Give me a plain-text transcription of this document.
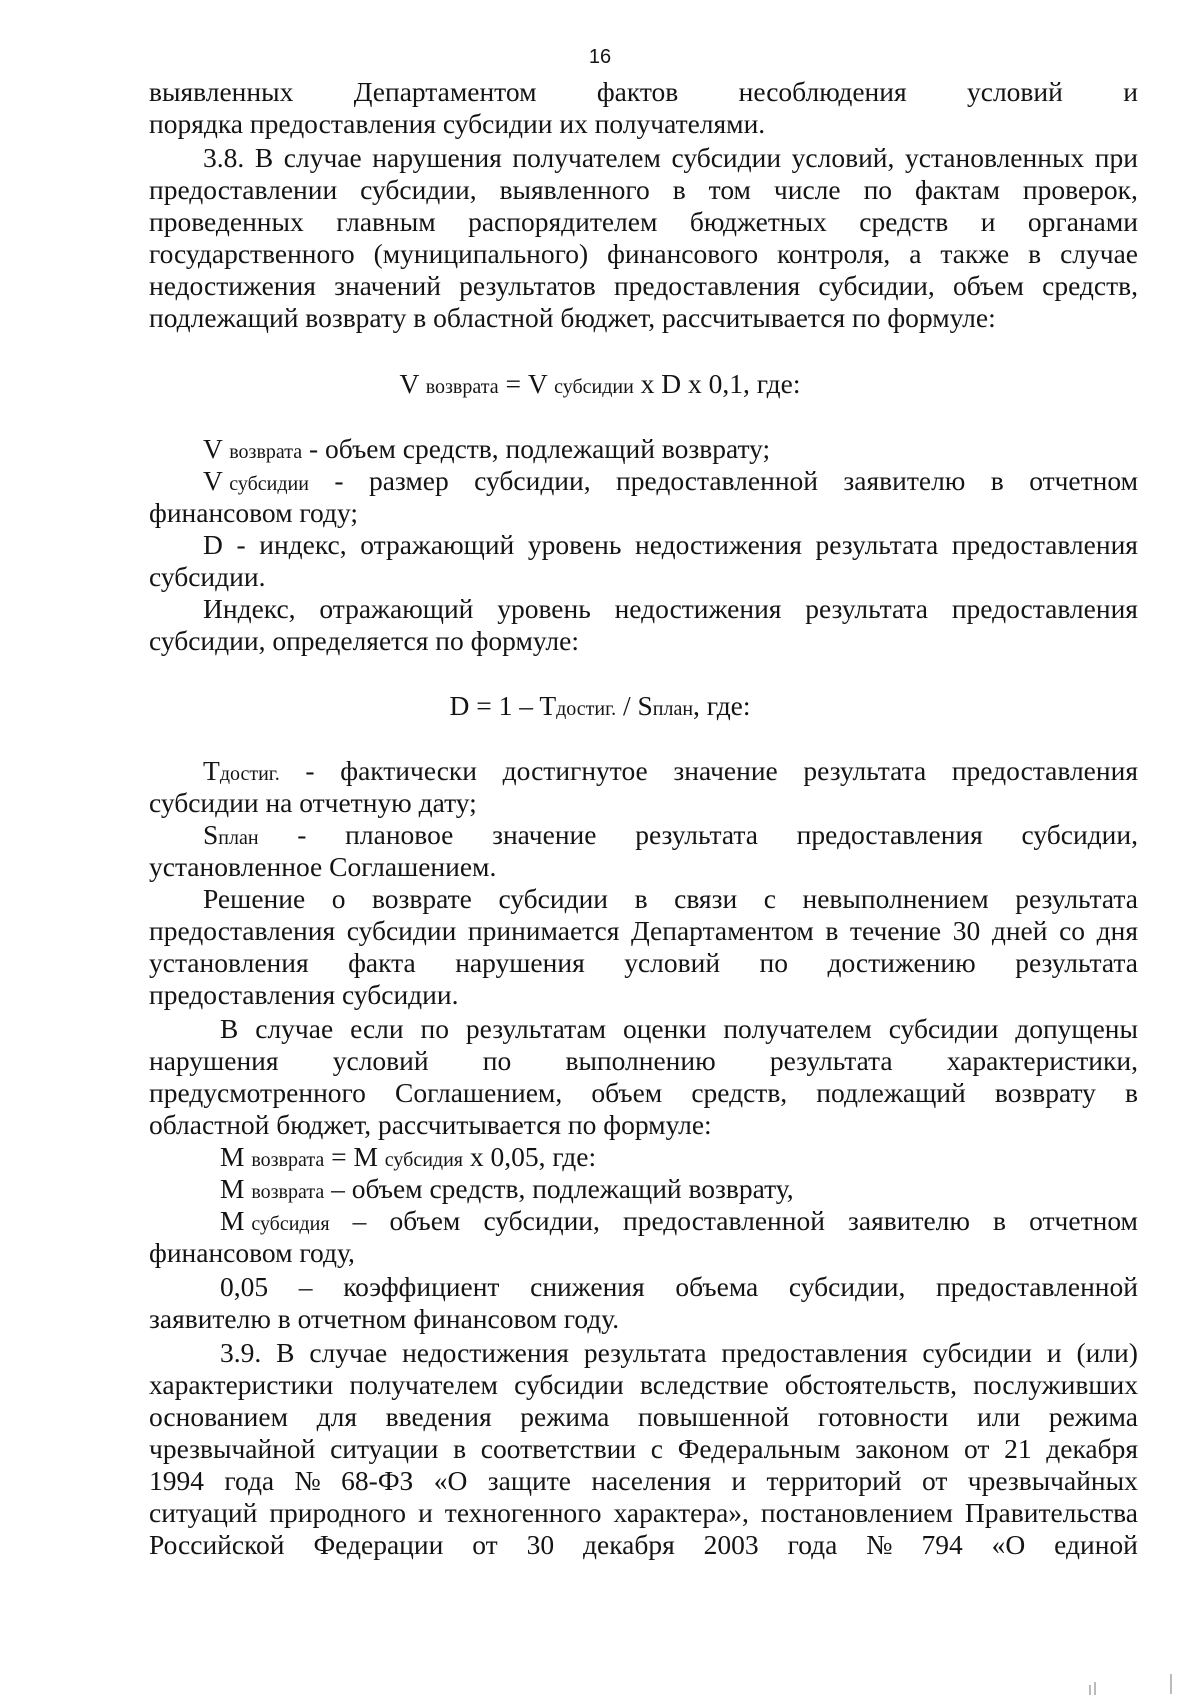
16
выявленных Департаментом фактов несоблюдения условий и
порядка предоставления субсидии их получателями.
3.8. В случае нарушения получателем субсидии условий, установленных при
предоставлении субсидии, выявленного в том числе по фактам проверок,
проведенных главным распорядителем бюджетных средств и органами
государственного (муниципального) финансового контроля, а также в случае
недостижения значений результатов предоставления субсидии, объем средств,
подлежащий возврату в областной бюджет, рассчитывается по формуле:
V возврата = V субсидии x D x 0,1, где:
V возврата - объем средств, подлежащий возврату;
V субсидии - размер субсидии, предоставленной заявителю в отчетном
финансовом году;
D - индекс, отражающий уровень недостижения результата предоставления
субсидии.
Индекс, отражающий уровень недостижения результата предоставления
субсидии, определяется по формуле:
D = 1 – Tдостиг. / Sплан, где:
Tдостиг. - фактически достигнутое значение результата предоставления
субсидии на отчетную дату;
Sплан - плановое значение результата предоставления субсидии,
установленное Соглашением.
Решение о возврате субсидии в связи с невыполнением результата
предоставления субсидии принимается Департаментом в течение 30 дней со дня
установления факта нарушения условий по достижению результата
предоставления субсидии.
В случае если по результатам оценки получателем субсидии допущены
нарушения условий по выполнению результата характеристики,
предусмотренного Соглашением, объем средств, подлежащий возврату в
областной бюджет, рассчитывается по формуле:
М возврата = М субсидия x 0,05, где:
М возврата – объем средств, подлежащий возврату,
М субсидия – объем субсидии, предоставленной заявителю в отчетном
финансовом году,
0,05 – коэффициент снижения объема субсидии, предоставленной
заявителю в отчетном финансовом году.
3.9. В случае недостижения результата предоставления субсидии и (или)
характеристики получателем субсидии вследствие обстоятельств, послуживших
основанием для введения режима повышенной готовности или режима
чрезвычайной ситуации в соответствии с Федеральным законом от 21 декабря
1994 года № 68-ФЗ «О защите населения и территорий от чрезвычайных
ситуаций природного и техногенного характера», постановлением Правительства
Российской Федерации от 30 декабря 2003 года № 794 «О единой
